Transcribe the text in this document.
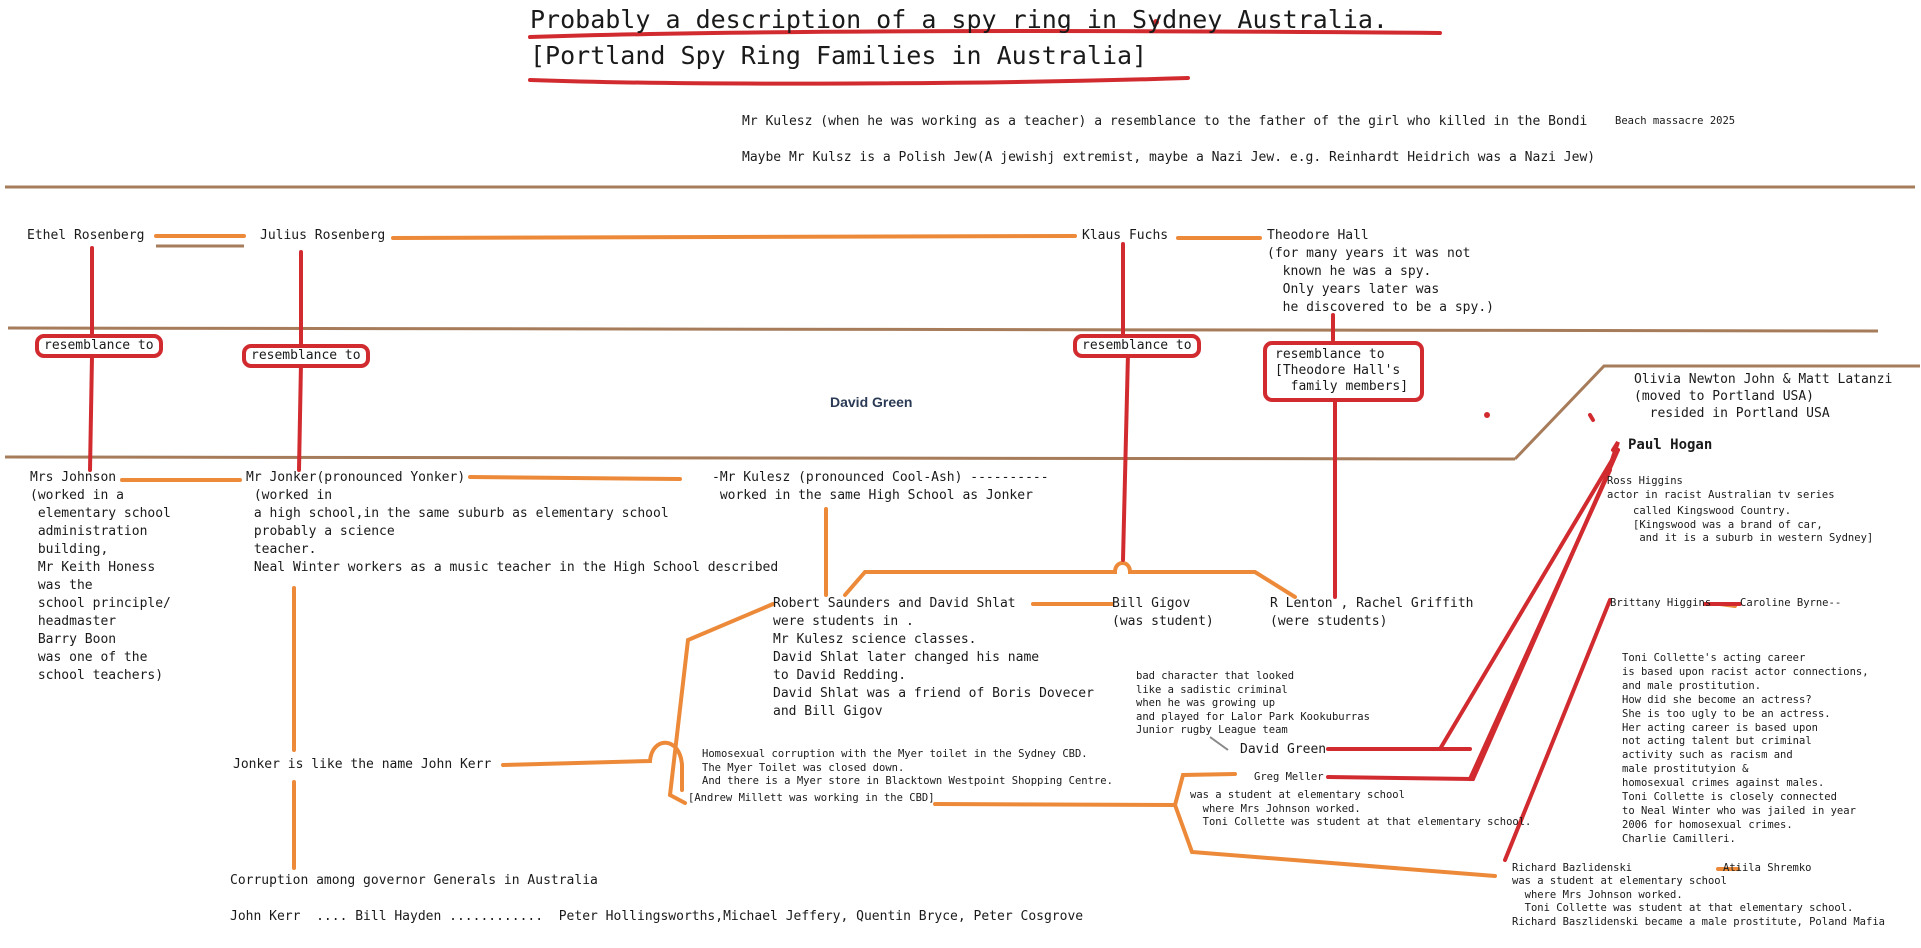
Probably a description of a spy ring in Sydney Australia.
[Portland Spy Ring Families in Australia]
Mr Kulesz (when he was working as a teacher) a resemblance to the father of the girl who killed in the Bondi	Beach massacre 2025
Maybe Mr Kulsz is a Polish Jew(A jewishj extremist, maybe a Nazi Jew. e.g. Reinhardt Heidrich was a Nazi Jew)
Ethel Rosenberg	Julius Rosenberg	Klaus Fuchs	Theodore Hall
(for many years it was not
known he was a spy.
Only years later was
he discovered to be a spy.)
resemblance to
resemblance to
resemblance to
resemblance to
[Theodore Hall's
family members]
David Green
Olivia Newton John & Matt Latanzi
(moved to Portland USA)
resided in Portland USA
Paul Hogan
Ross Higgins
actor in racist Australian tv series
called Kingswood Country.
[Kingswood was a brand of car,
and it is a suburb in western Sydney]
Brittany Higgins	Caroline Byrne--
Mrs Johnson
(worked in a
elementary school
administration
building,
Mr Keith Honess
was the
school principle/
headmaster
Barry Boon
was one of the
school teachers)
Mr Jonker(pronounced Yonker)
(worked in
a high school,in the same suburb as elementary school
probably a science
teacher.
Neal Winter workers as a music teacher in the High School described
-Mr Kulesz (pronounced Cool-Ash) ----------
worked in the same High School as Jonker
Robert Saunders and David Shlat
were students in .
Mr Kulesz science classes.
David Shlat later changed his name
to David Redding.
David Shlat was a friend of Boris Dovecer
and Bill Gigov
Bill Gigov
(was student)
R Lenton , Rachel Griffith
(were students)
Jonker is like the name John Kerr
Homosexual corruption with the Myer toilet in the Sydney CBD.
The Myer Toilet was closed down.
And there is a Myer store in Blacktown Westpoint Shopping Centre.
[Andrew Millett was working in the CBD]
Corruption among governor Generals in Australia
John Kerr  .... Bill Hayden ............  Peter Hollingsworths,Michael Jeffery, Quentin Bryce, Peter Cosgrove
bad character that looked
like a sadistic criminal
when he was growing up
and played for Lalor Park Kookuburras
Junior rugby League team
David Green
Greg Meller
was a student at elementary school
where Mrs Johnson worked.
Toni Collette was student at that elementary school.
Toni Collette's acting career
is based upon racist actor connections,
and male prostitution.
How did she become an actress?
She is too ugly to be an actress.
Her acting career is based upon
not acting talent but criminal
activity such as racism and
male prostitutyion &
homosexual crimes against males.
Toni Collette is closely connected
to Neal Winter who was jailed in year
2006 for homosexual crimes.
Charlie Camilleri.
Richard Bazlidenski	Atiila Shremko
was a student at elementary school
where Mrs Johnson worked.
Toni Collette was student at that elementary school.
Richard Baszlidenski became a male prostitute, Poland Mafia
